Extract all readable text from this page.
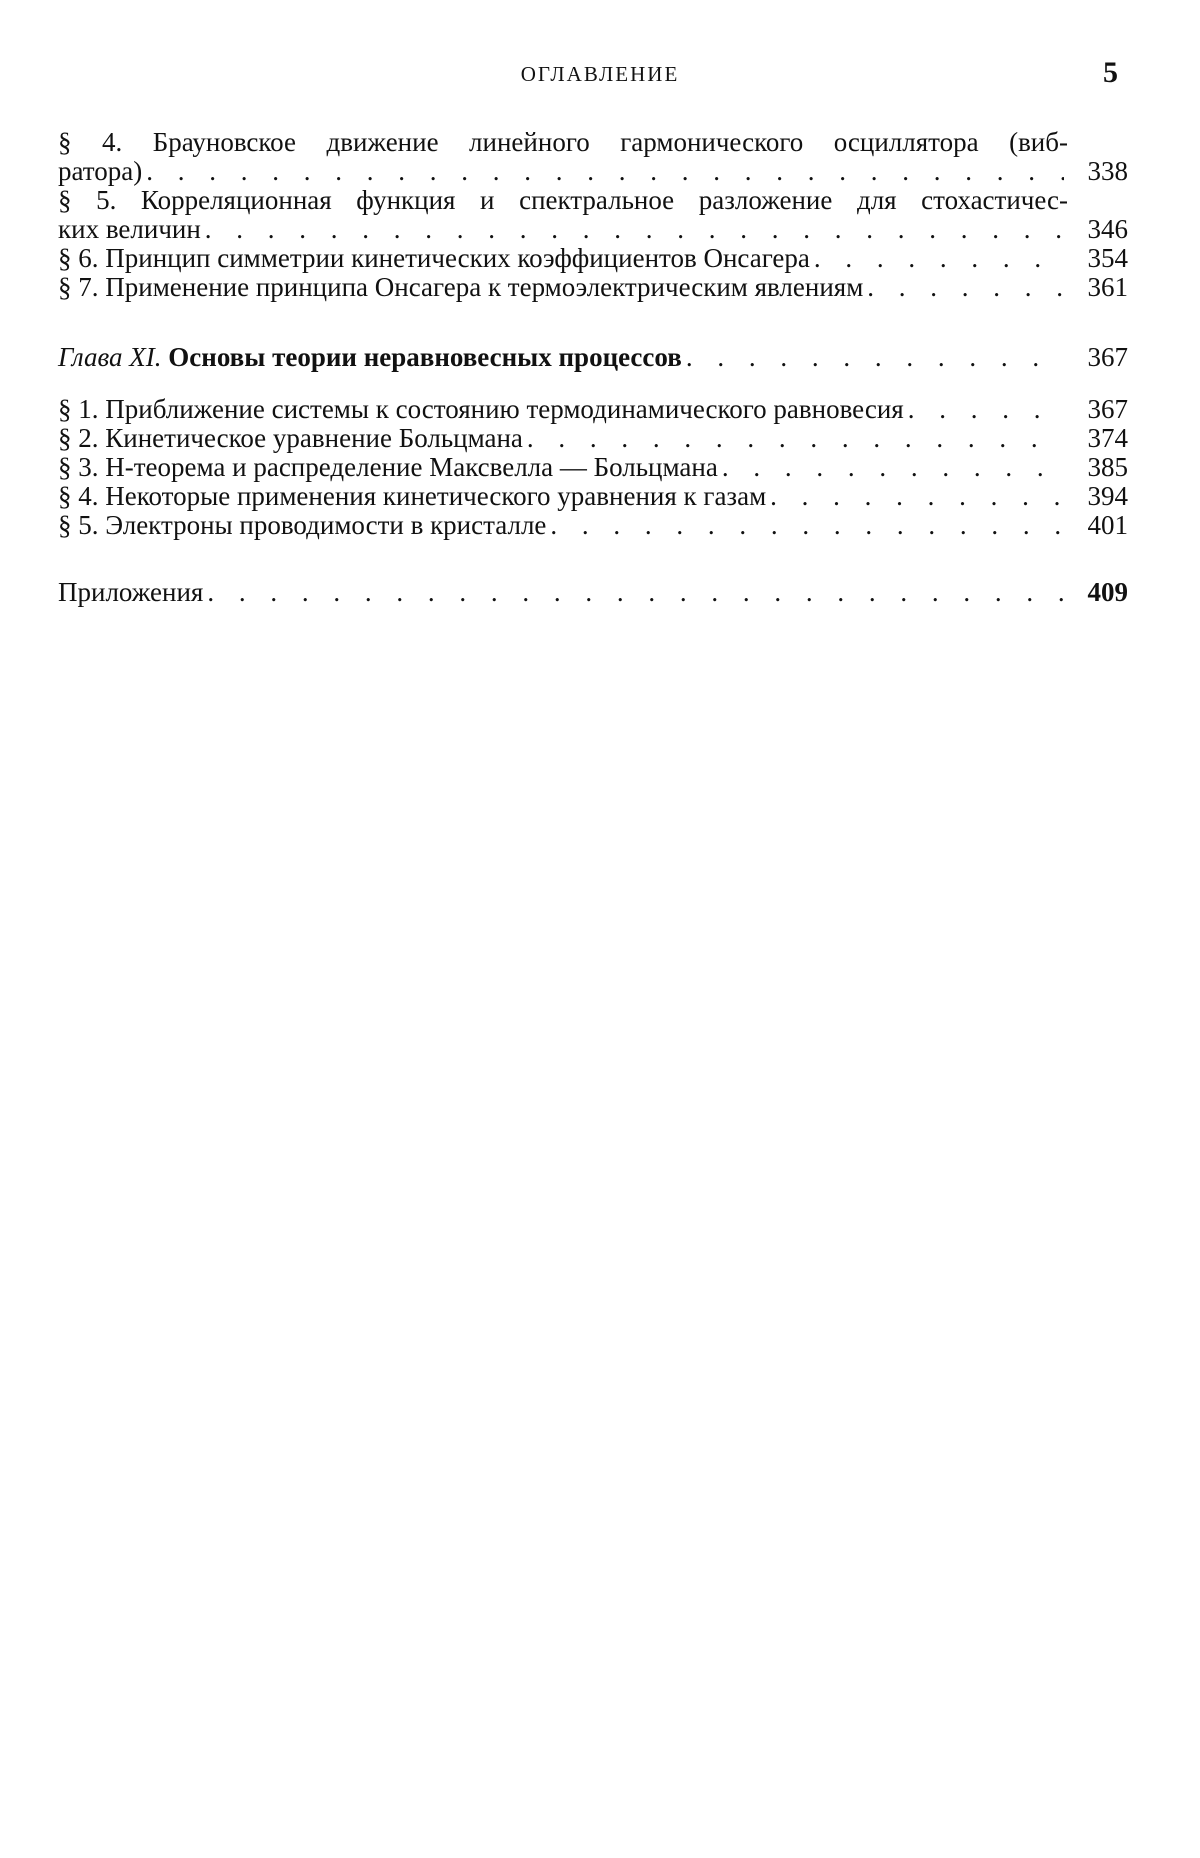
ОГЛАВЛЕНИЕ	5
§ 4. Брауновское движение линейного гармонического осциллятора (виб-
ратора) . . .	338
§ 5. Корреляционная функция и спектральное разложение для стохастичес-
ких величин . . .	346
§ 6. Принцип симметрии кинетических коэффициентов Онсагера . . .	354
§ 7. Применение принципа Онсагера к термоэлектрическим явлениям . . .	361
Глава XI. Основы теории неравновесных процессов . . .	367
§ 1. Приближение системы к состоянию термодинамического равновесия . . .	367
§ 2. Кинетическое уравнение Больцмана . . .	374
§ 3. H-теорема и распределение Максвелла — Больцмана . . .	385
§ 4. Некоторые применения кинетического уравнения к газам . . .	394
§ 5. Электроны проводимости в кристалле . . .	401
Приложения . . .	409
